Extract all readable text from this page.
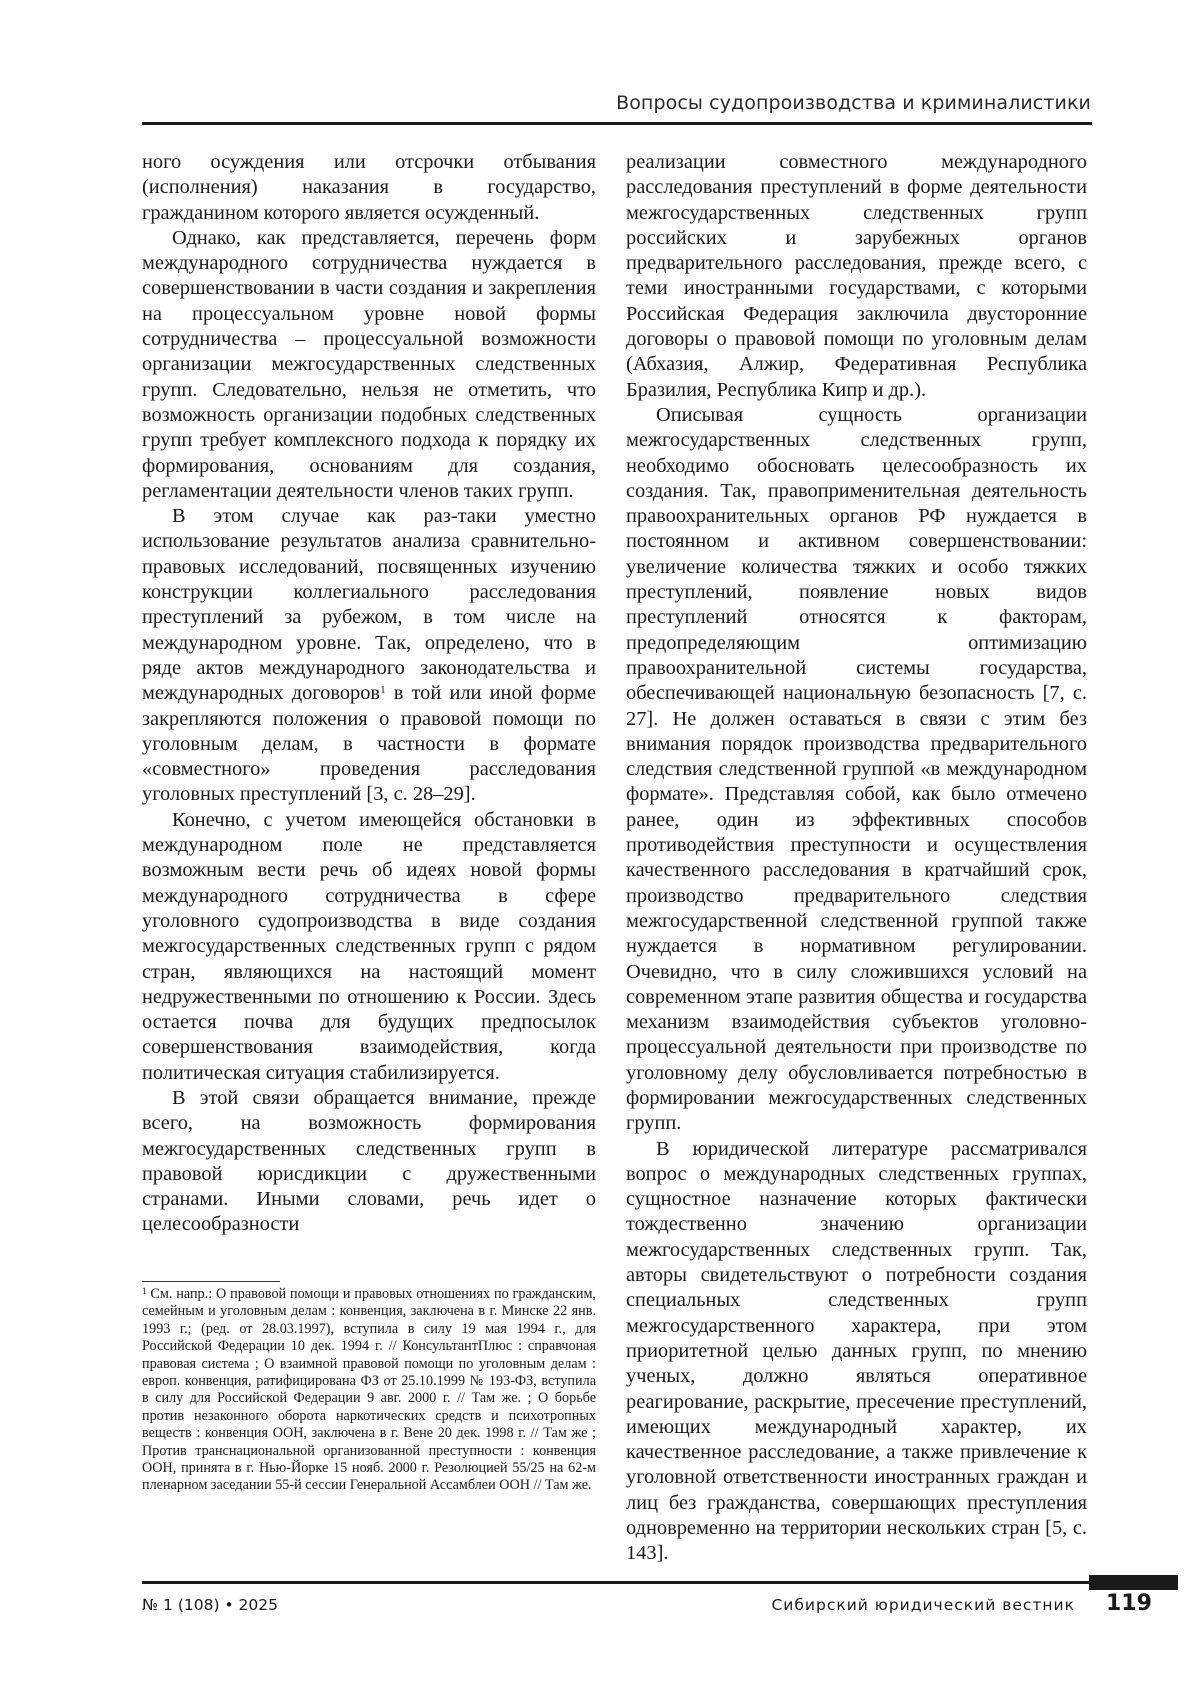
Вопросы судопроизводства и криминалистики

ного осуждения или отсрочки отбывания (исполнения) наказания в государство, гражданином которого является осужденный.

Однако, как представляется, перечень форм международного сотрудничества нуждается в совершенствовании в части создания и закрепления на процессуальном уровне новой формы сотрудничества – процессуальной возможности организации межгосударственных следственных групп. Следовательно, нельзя не отметить, что возможность организации подобных следственных групп требует комплексного подхода к порядку их формирования, основаниям для создания, регламентации деятельности членов таких групп.

В этом случае как раз-таки уместно использование результатов анализа сравнительно-правовых исследований, посвященных изучению конструкции коллегиального расследования преступлений за рубежом, в том числе на международном уровне. Так, определено, что в ряде актов международного законодательства и международных договоров$^1$ в той или иной форме закрепляются положения о правовой помощи по уголовным делам, в частности в формате «совместного» проведения расследования уголовных преступлений [3, с. 28–29].

Конечно, с учетом имеющейся обстановки в международном поле не представляется возможным вести речь об идеях новой формы международного сотрудничества в сфере уголовного судопроизводства в виде создания межгосударственных следственных групп с рядом стран, являющихся на настоящий момент недружественными по отношению к России. Здесь остается почва для будущих предпосылок совершенствования взаимодействия, когда политическая ситуация стабилизируется.

В этой связи обращается внимание, прежде всего, на возможность формирования межгосударственных следственных групп в правовой юрисдикции с дружественными странами. Иными словами, речь идет о целесообразности

$^1$ См. напр.: О правовой помощи и правовых отношениях по гражданским, семейным и уголовным делам : конвенция, заключена в г. Минске 22 янв. 1993 г.; (ред. от 28.03.1997), вступила в силу 19 мая 1994 г., для Российской Федерации 10 дек. 1994 г. // КонсультантПлюс : справчоная правовая система ; О взаимной правовой помощи по уголовным делам : европ. конвенция, ратифицирована ФЗ от 25.10.1999 № 193-ФЗ, вступила в силу для Российской Федерации 9 авг. 2000 г. // Там же. ; О борьбе против незаконного оборота наркотических средств и психотропных веществ : конвенция ООН, заключена в г. Вене 20 дек. 1998 г. // Там же ; Против транснациональной организованной преступности : конвенция ООН, принята в г. Нью-Йорке 15 нояб. 2000 г. Резолюцией 55/25 на 62-м пленарном заседании 55-й сессии Генеральной Ассамблеи ООН // Там же.

реализации совместного международного расследования преступлений в форме деятельности межгосударственных следственных групп российских и зарубежных органов предварительного расследования, прежде всего, с теми иностранными государствами, с которыми Российская Федерация заключила двусторонние договоры о правовой помощи по уголовным делам (Абхазия, Алжир, Федеративная Республика Бразилия, Республика Кипр и др.).

Описывая сущность организации межгосударственных следственных групп, необходимо обосновать целесообразность их создания. Так, правоприменительная деятельность правоохранительных органов РФ нуждается в постоянном и активном совершенствовании: увеличение количества тяжких и особо тяжких преступлений, появление новых видов преступлений относятся к факторам, предопределяющим оптимизацию правоохранительной системы государства, обеспечивающей национальную безопасность [7, с. 27]. Не должен оставаться в связи с этим без внимания порядок производства предварительного следствия следственной группой «в международном формате». Представляя собой, как было отмечено ранее, один из эффективных способов противодействия преступности и осуществления качественного расследования в кратчайший срок, производство предварительного следствия межгосударственной следственной группой также нуждается в нормативном регулировании. Очевидно, что в силу сложившихся условий на современном этапе развития общества и государства механизм взаимодействия субъектов уголовно-процессуальной деятельности при производстве по уголовному делу обусловливается потребностью в формировании межгосударственных следственных групп.

В юридической литературе рассматривался вопрос о международных следственных группах, сущностное назначение которых фактически тождественно значению организации межгосударственных следственных групп. Так, авторы свидетельствуют о потребности создания специальных следственных групп межгосударственного характера, при этом приоритетной целью данных групп, по мнению ученых, должно являться оперативное реагирование, раскрытие, пресечение преступлений, имеющих международный характер, их качественное расследование, а также привлечение к уголовной ответственности иностранных граждан и лиц без гражданства, совершающих преступления одновременно на территории нескольких стран [5, с. 143].

№ 1 (108) • 2025	Сибирский юридический вестник 119
